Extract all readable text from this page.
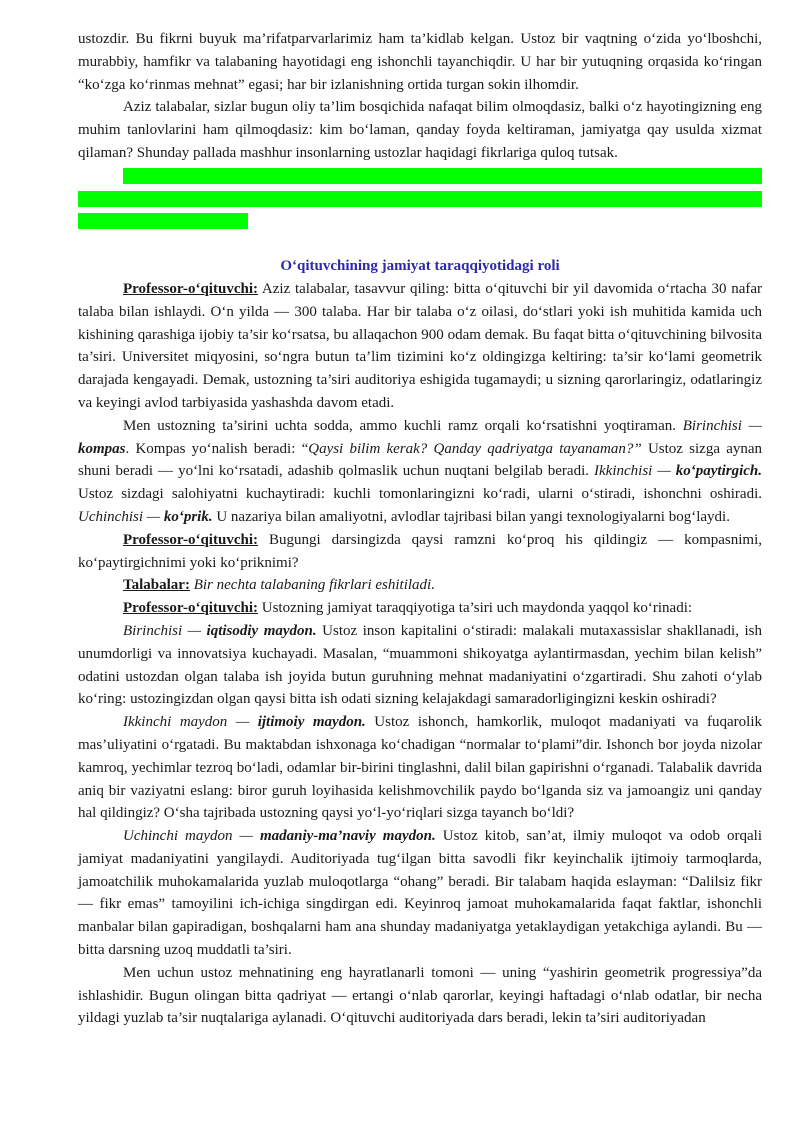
ustozdir. Bu fikrni buyuk ma’rifatparvarlarimiz ham ta’kidlab kelgan. Ustoz bir vaqtning o‘zida yo‘lboshchi, murabbiy, hamfikr va talabaning hayotidagi eng ishonchli tayanchiqdir. U har bir yutuqning orqasida ko‘ringan “ko‘zga ko‘rinmas mehnat” egasi; har bir izlanishning ortida turgan sokin ilhomdir.

Aziz talabalar, sizlar bugun oliy ta’lim bosqichida nafaqat bilim olmoqdasiz, balki o‘z hayotingizning eng muhim tanlovlarini ham qilmoqdasiz: kim bo‘laman, qanday foyda keltiraman, jamiyatga qay usulda xizmat qilaman? Shunday pallada mashhur insonlarning ustozlar haqidagi fikrlariga quloq tutsak.

Professor ushbu mavzu o‘quvchi shaxsining jamiyat va tafakkurdagi o‘rnini, ilmiy merosi hamda olim sifatidagi fazilatlarini namoyon etuvchi muhim qarashlarini, ularning talabalar va tinglovchilarga berilgan ma’naviy-ma’rifiy hissasini.

O‘qituvchining jamiyat taraqqiyotidagi roli

Professor-o‘qituvchi: Aziz talabalar, tasavvur qiling: bitta o‘qituvchi bir yil davomida o‘rtacha 30 nafar talaba bilan ishlaydi. O‘n yilda — 300 talaba. Har bir talaba o‘z oilasi, do‘stlari yoki ish muhitida kamida uch kishining qarashiga ijobiy ta’sir ko‘rsatsa, bu allaqachon 900 odam demak. Bu faqat bitta o‘qituvchining bilvosita ta’siri. Universitet miqyosini, so‘ngra butun ta’lim tizimini ko‘z oldingizga keltiring: ta’sir ko‘lami geometrik darajada kengayadi. Demak, ustozning ta’siri auditoriya eshigida tugamaydi; u sizning qarorlaringiz, odatlaringiz va keyingi avlod tarbiyasida yashashda davom etadi.

Men ustozning ta’sirini uchta sodda, ammo kuchli ramz orqali ko‘rsatishni yoqtiraman. Birinchisi — kompas. Kompas yo‘nalish beradi: “Qaysi bilim kerak? Qanday qadriyatga tayanaman?” Ustoz sizga aynan shuni beradi — yo‘lni ko‘rsatadi, adashib qolmaslik uchun nuqtani belgilab beradi. Ikkinchisi — ko‘paytirgich. Ustoz sizdagi salohiyatni kuchaytiradi: kuchli tomonlaringizni ko‘radi, ularni o‘stiradi, ishonchni oshiradi. Uchinchisi — ko‘prik. U nazariya bilan amaliyotni, avlodlar tajribasi bilan yangi texnologiyalarni bog‘laydi.

Professor-o‘qituvchi: Bugungi darsingizda qaysi ramzni ko‘proq his qildingiz — kompasnimi, ko‘paytirgichnimi yoki ko‘priknimi?

Talabalar: Bir nechta talabaning fikrlari eshitiladi.

Professor-o‘qituvchi: Ustozning jamiyat taraqqiyotiga ta’siri uch maydonda yaqqol ko‘rinadi:

Birinchisi — iqtisodiy maydon. Ustoz inson kapitalini o‘stiradi: malakali mutaxassislar shakllanadi, ish unumdorligi va innovatsiya kuchayadi. Masalan, “muammoni shikoyatga aylantirmasdan, yechim bilan kelish” odatini ustozdan olgan talaba ish joyida butun guruhning mehnat madaniyatini o‘zgartiradi. Shu zahoti o‘ylab ko‘ring: ustozingizdan olgan qaysi bitta ish odati sizning kelajakdagi samaradorligingizni keskin oshiradi?

Ikkinchi maydon — ijtimoiy maydon. Ustoz ishonch, hamkorlik, muloqot madaniyati va fuqarolik mas’uliyatini o‘rgatadi. Bu maktabdan ishxonaga ko‘chadigan “normalar to‘plami”dir. Ishonch bor joyda nizolar kamroq, yechimlar tezroq bo‘ladi, odamlar bir-birini tinglashni, dalil bilan gapirishni o‘rganadi. Talabalik davrida aniq bir vaziyatni eslang: biror guruh loyihasida kelishmovchilik paydo bo‘lganda siz va jamoangiz uni qanday hal qildingiz? O‘sha tajribada ustozning qaysi yo‘l-yo‘riqlari sizga tayanch bo‘ldi?

Uchinchi maydon — madaniy-ma’naviy maydon. Ustoz kitob, san’at, ilmiy muloqot va odob orqali jamiyat madaniyatini yangilaydi. Auditoriyada tug‘ilgan bitta savodli fikr keyinchalik ijtimoiy tarmoqlarda, jamoatchilik muhokamalarida yuzlab muloqotlarga “ohang” beradi. Bir talabam haqida eslayman: “Dalilsiz fikr — fikr emas” tamoyilini ich-ichiga singdirgan edi. Keyinroq jamoat muhokamalarida faqat faktlar, ishonchli manbalar bilan gapiradigan, boshqalarni ham ana shunday madaniyatga yetaklaydigan yetakchiga aylandi. Bu — bitta darsning uzoq muddatli ta’siri.

Men uchun ustoz mehnatining eng hayratlanarli tomoni — uning “yashirin geometrik progressiya”da ishlashidir. Bugun olingan bitta qadriyat — ertangi o‘nlab qarorlar, keyingi haftadagi o‘nlab odatlar, bir necha yildagi yuzlab ta’sir nuqtalariga aylanadi. O‘qituvchi auditoriyada dars beradi, lekin ta’siri auditoriyadan
